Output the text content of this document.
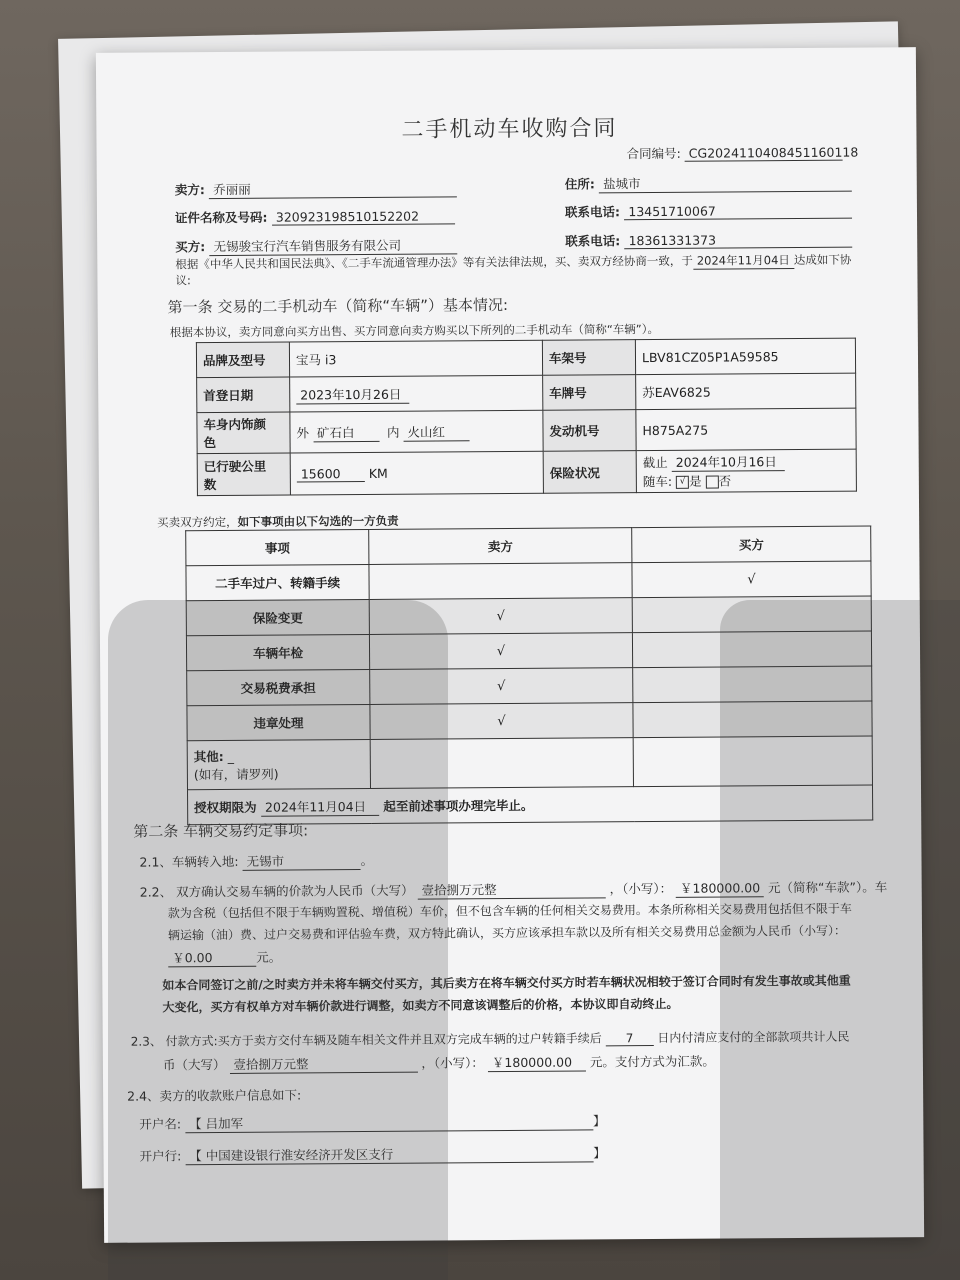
二手机动车收购合同
合同编号: CG2024110408451160118
卖方: 乔丽丽	住所: 盐城市
证件名称及号码: 320923198510152202	联系电话: 13451710067
买方: 无锡骏宝行汽车销售服务有限公司	联系电话: 18361331373
根据《中华人民共和国民法典》、《二手车流通管理办法》等有关法律法规，买、卖双方经协商一致，于 2024年11月04日 达成如下协
议:
第一条 交易的二手机动车（简称“车辆”）基本情况:
根据本协议，卖方同意向买方出售、买方同意向卖方购买以下所列的二手机动车（简称“车辆”）。
品牌及型号	宝马 i3	车架号	LBV81CZ05P1A59585
首登日期	2023年10月26日	车牌号	苏EAV6825
车身内饰颜
色	外 矿石白 内 火山红	发动机号	H875A275
已行驶公里
数	15600 KM	保险状况	截止 2024年10月16日
随车: √ 是 否
买卖双方约定，如下事项由以下勾选的一方负责
事项	卖方	买方
二手车过户、转籍手续		√
保险变更	√	
车辆年检	√	
交易税费承担	√	
违章处理	√	
其他: _
(如有，请罗列)		
授权期限为 2024年11月04日 起至前述事项办理完毕止。		
第二条 车辆交易约定事项:
2.1、车辆转入地: 无锡市	。
2.2、 双方确认交易车辆的价款为人民币（大写） 壹拾捌万元整	，（小写）： ￥180000.00 元（简称“车款”）。车
款为含税（包括但不限于车辆购置税、增值税）车价，但不包含车辆的任何相关交易费用。本条所称相关交易费用包括但不限于车
辆运输（油）费、过户交易费和评估验车费，双方特此确认，买方应该承担车款以及所有相关交易费用总金额为人民币（小写）：
￥0.00	元。
如本合同签订之前/之时卖方并未将车辆交付买方，其后卖方在将车辆交付买方时若车辆状况相较于签订合同时有发生事故或其他重
大变化，买方有权单方对车辆价款进行调整，如卖方不同意该调整后的价格，本协议即自动终止。
2.3、 付款方式:买方于卖方交付车辆及随车相关文件并且双方完成车辆的过户转籍手续后 7 日内付清应支付的全部款项共计人民
币（大写） 壹拾捌万元整	，（小写）： ￥180000.00 元。支付方式为汇款。
2.4、卖方的收款账户信息如下:
开户名: 【 吕加军	】
开户行: 【 中国建设银行淮安经济开发区支行	】
